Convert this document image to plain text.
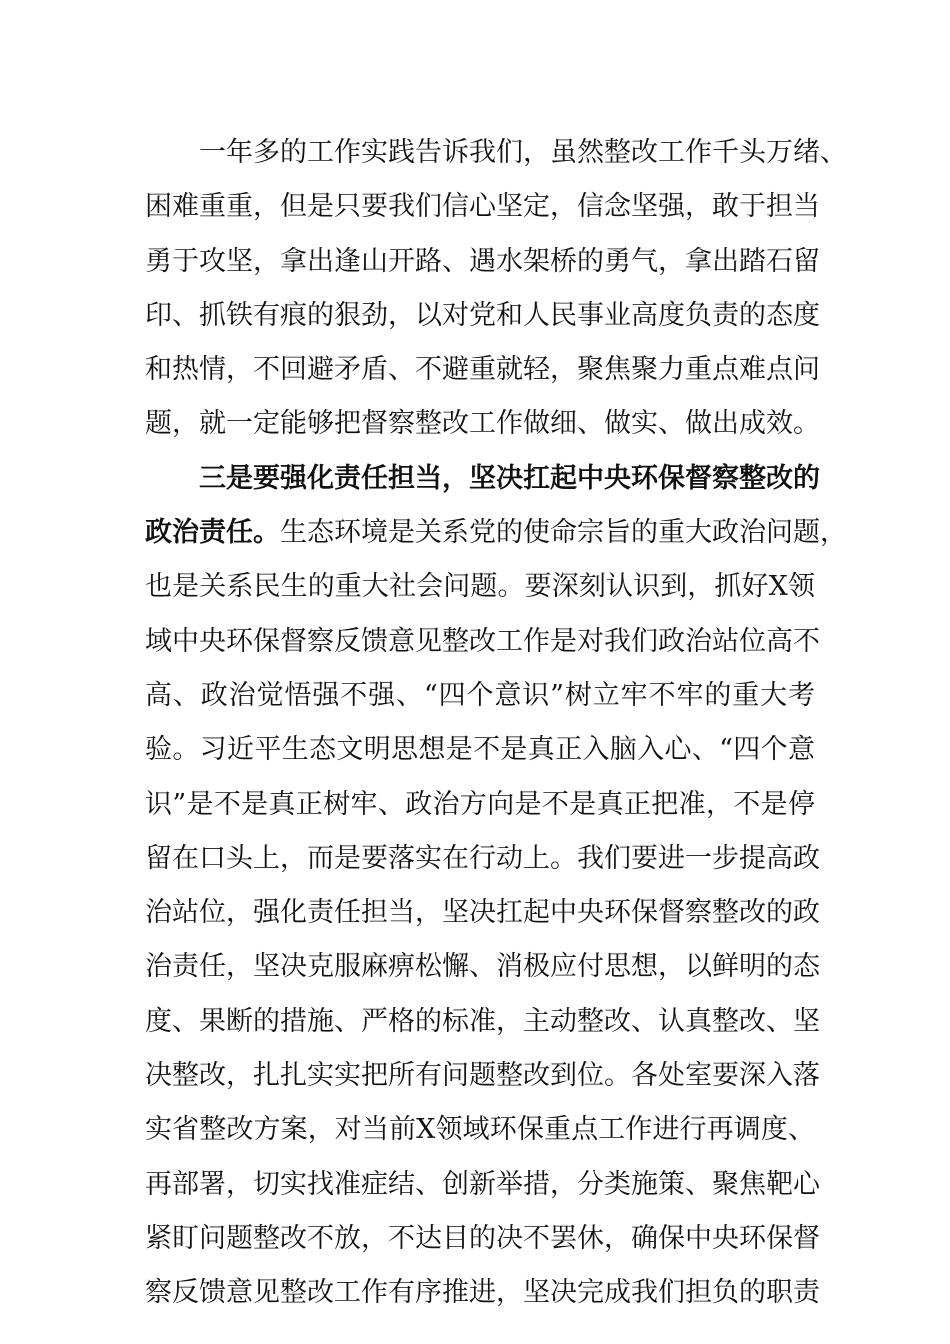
一年多的工作实践告诉我们，虽然整改工作千头万绪、
困难重重，但是只要我们信心坚定，信念坚强，敢于担当
勇于攻坚，拿出逢山开路、遇水架桥的勇气，拿出踏石留
印、抓铁有痕的狠劲，以对党和人民事业高度负责的态度
和热情，不回避矛盾、不避重就轻，聚焦聚力重点难点问
题，就一定能够把督察整改工作做细、做实、做出成效。
三是要强化责任担当，坚决扛起中央环保督察整改的
政治责任。生态环境是关系党的使命宗旨的重大政治问题，
也是关系民生的重大社会问题。要深刻认识到，抓好X领
域中央环保督察反馈意见整改工作是对我们政治站位高不
高、政治觉悟强不强、“四个意识”树立牢不牢的重大考
验。习近平生态文明思想是不是真正入脑入心、“四个意
识”是不是真正树牢、政治方向是不是真正把准，不是停
留在口头上，而是要落实在行动上。我们要进一步提高政
治站位，强化责任担当，坚决扛起中央环保督察整改的政
治责任，坚决克服麻痹松懈、消极应付思想，以鲜明的态
度、果断的措施、严格的标准，主动整改、认真整改、坚
决整改，扎扎实实把所有问题整改到位。各处室要深入落
实省整改方案，对当前X领域环保重点工作进行再调度、
再部署，切实找准症结、创新举措，分类施策、聚焦靶心
紧盯问题整改不放，不达目的决不罢休，确保中央环保督
察反馈意见整改工作有序推进，坚决完成我们担负的职责
